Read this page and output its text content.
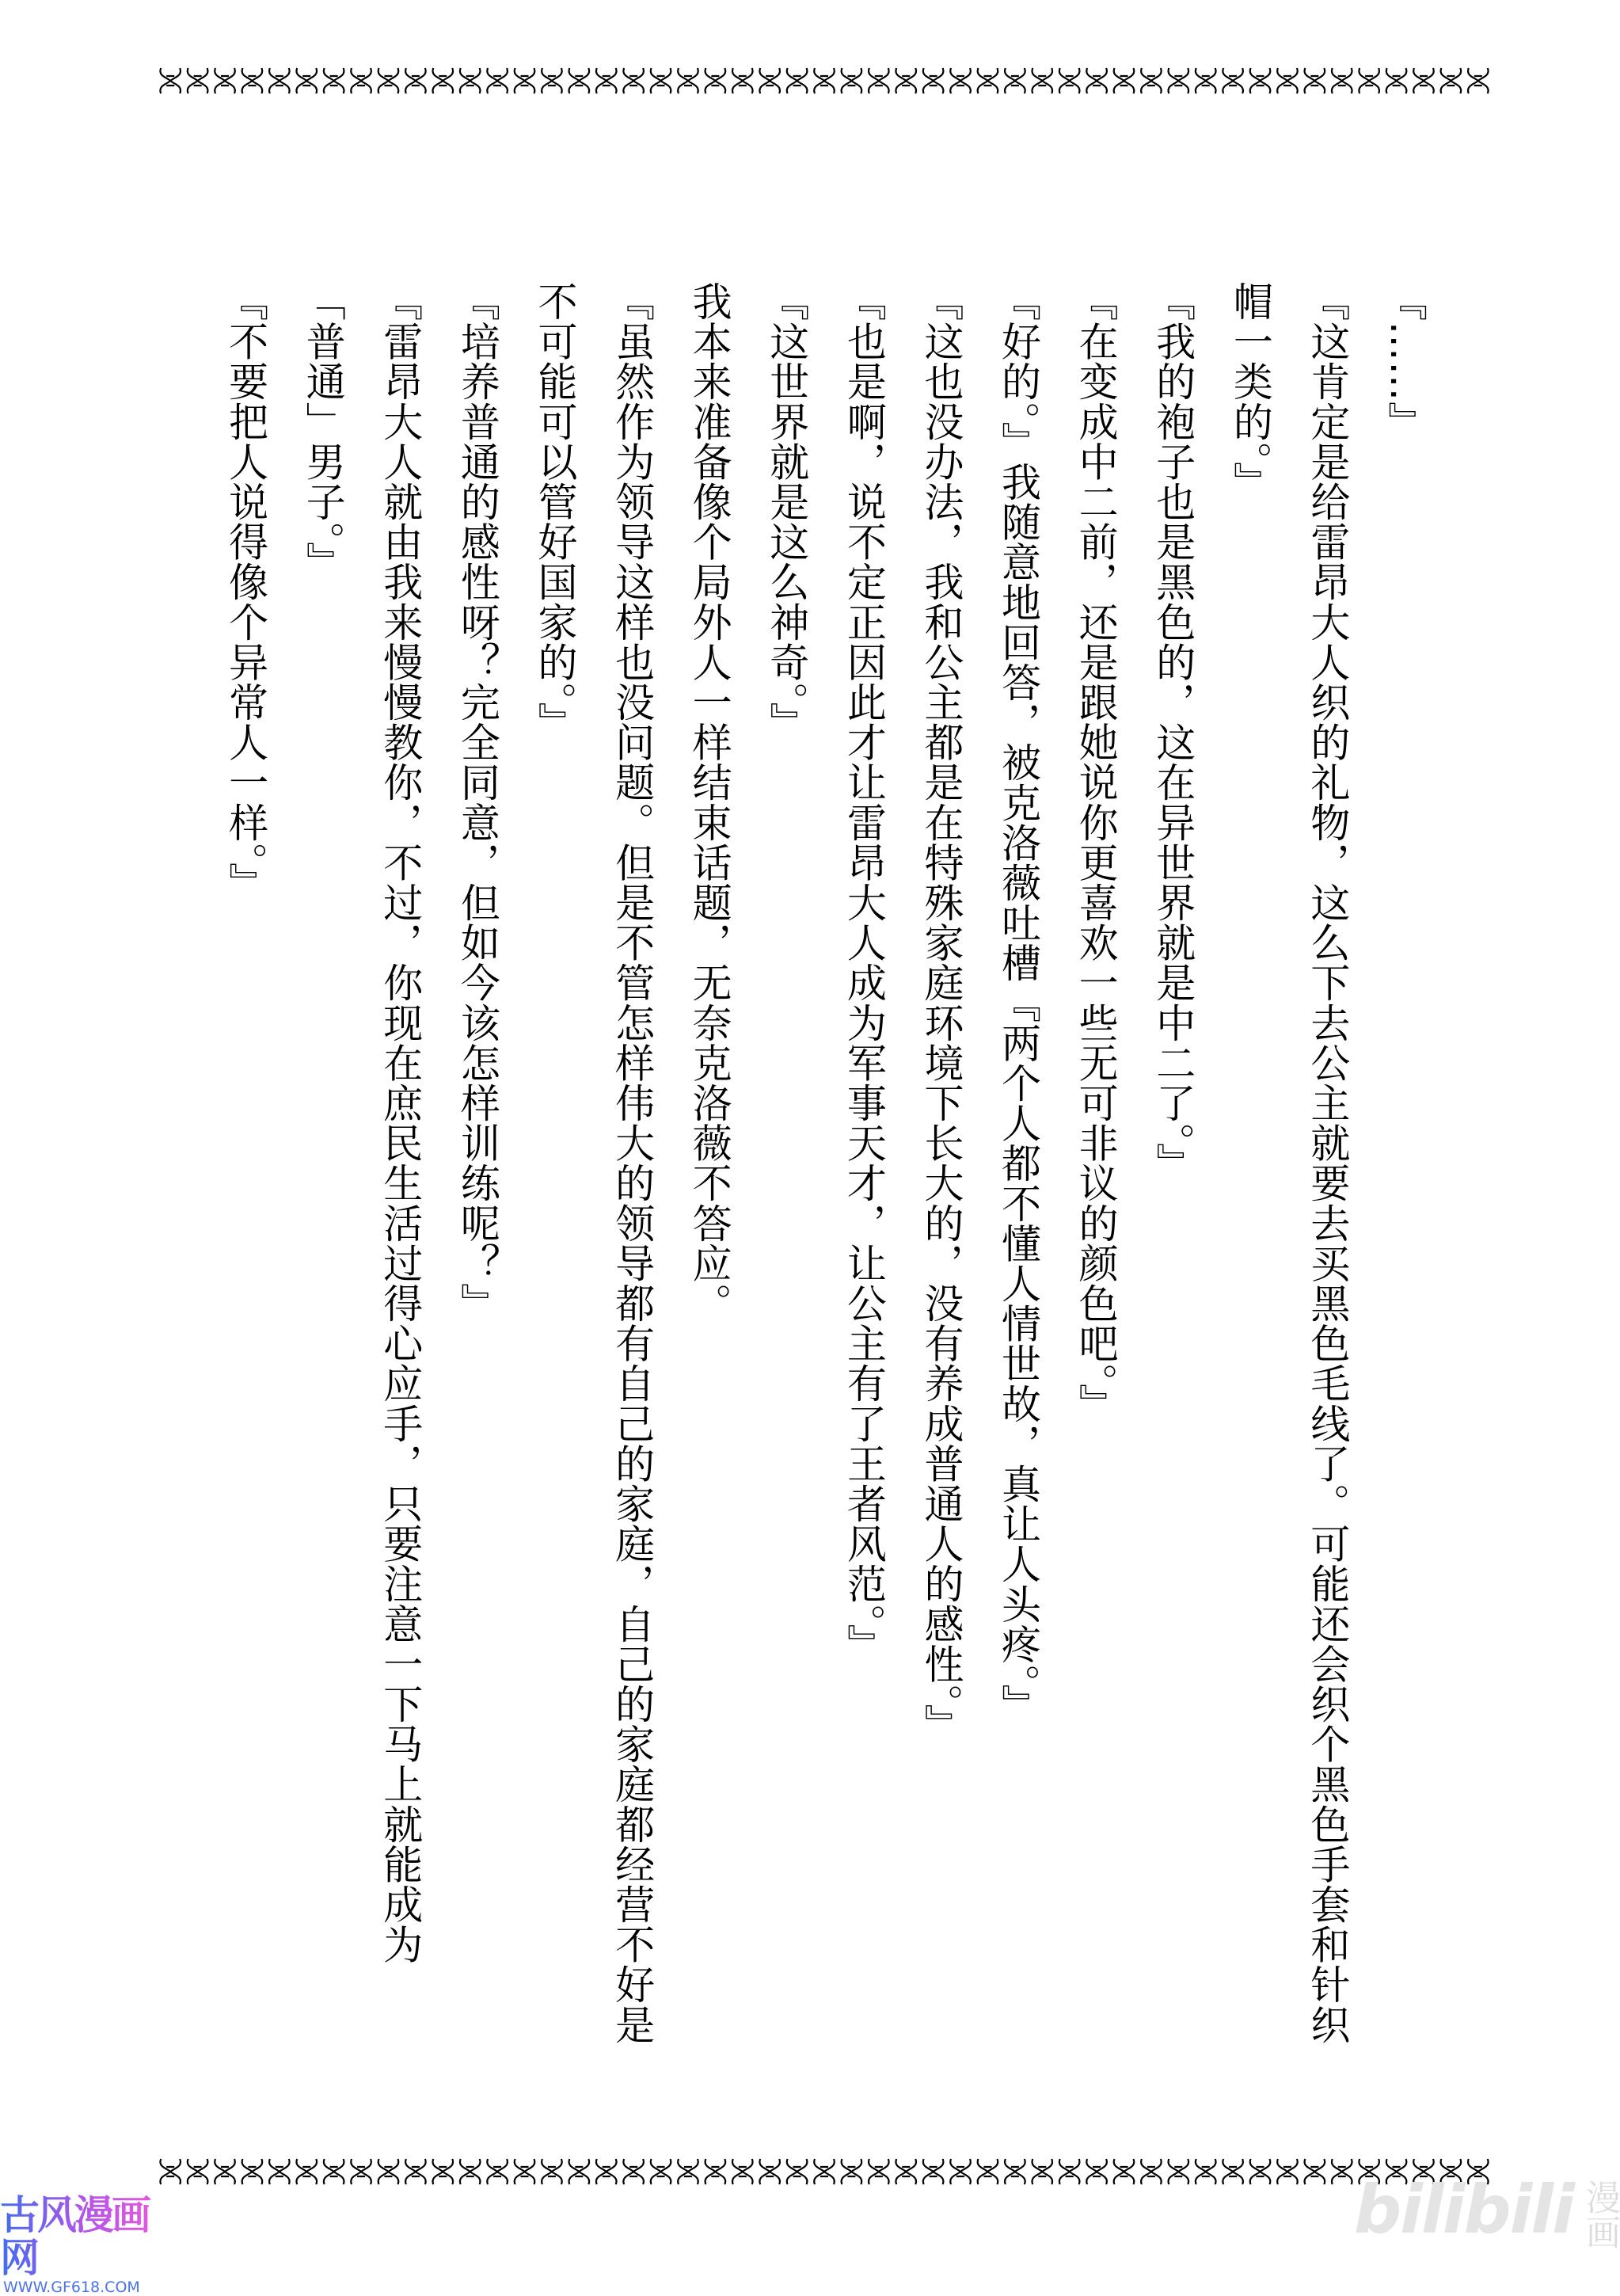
『……』
『这肯定是给雷昂大人织的礼物，这么下去公主就要去买黑色毛线了。可能还会织个黑色手套和针织
帽一类的。』
『我的袍子也是黑色的，这在异世界就是中二了。』
『在变成中二前，还是跟她说你更喜欢一些无可非议的颜色吧。』
『好的。』我随意地回答，被克洛薇吐槽『两个人都不懂人情世故，真让人头疼。』
『这也没办法，我和公主都是在特殊家庭环境下长大的，没有养成普通人的感性。』
『也是啊，说不定正因此才让雷昂大人成为军事天才，让公主有了王者风范。』
『这世界就是这么神奇。』
我本来准备像个局外人一样结束话题，无奈克洛薇不答应。
『虽然作为领导这样也没问题。但是不管怎样伟大的领导都有自己的家庭，自己的家庭都经营不好是
不可能可以管好国家的。』
『培养普通的感性呀？完全同意，但如今该怎样训练呢？』
『雷昂大人就由我来慢慢教你，不过，你现在庶民生活过得心应手，只要注意一下马上就能成为
「普通」男子。』
『不要把人说得像个异常人一样。』
古风漫画网
WWW.GF618.COM
bilibili 漫画
